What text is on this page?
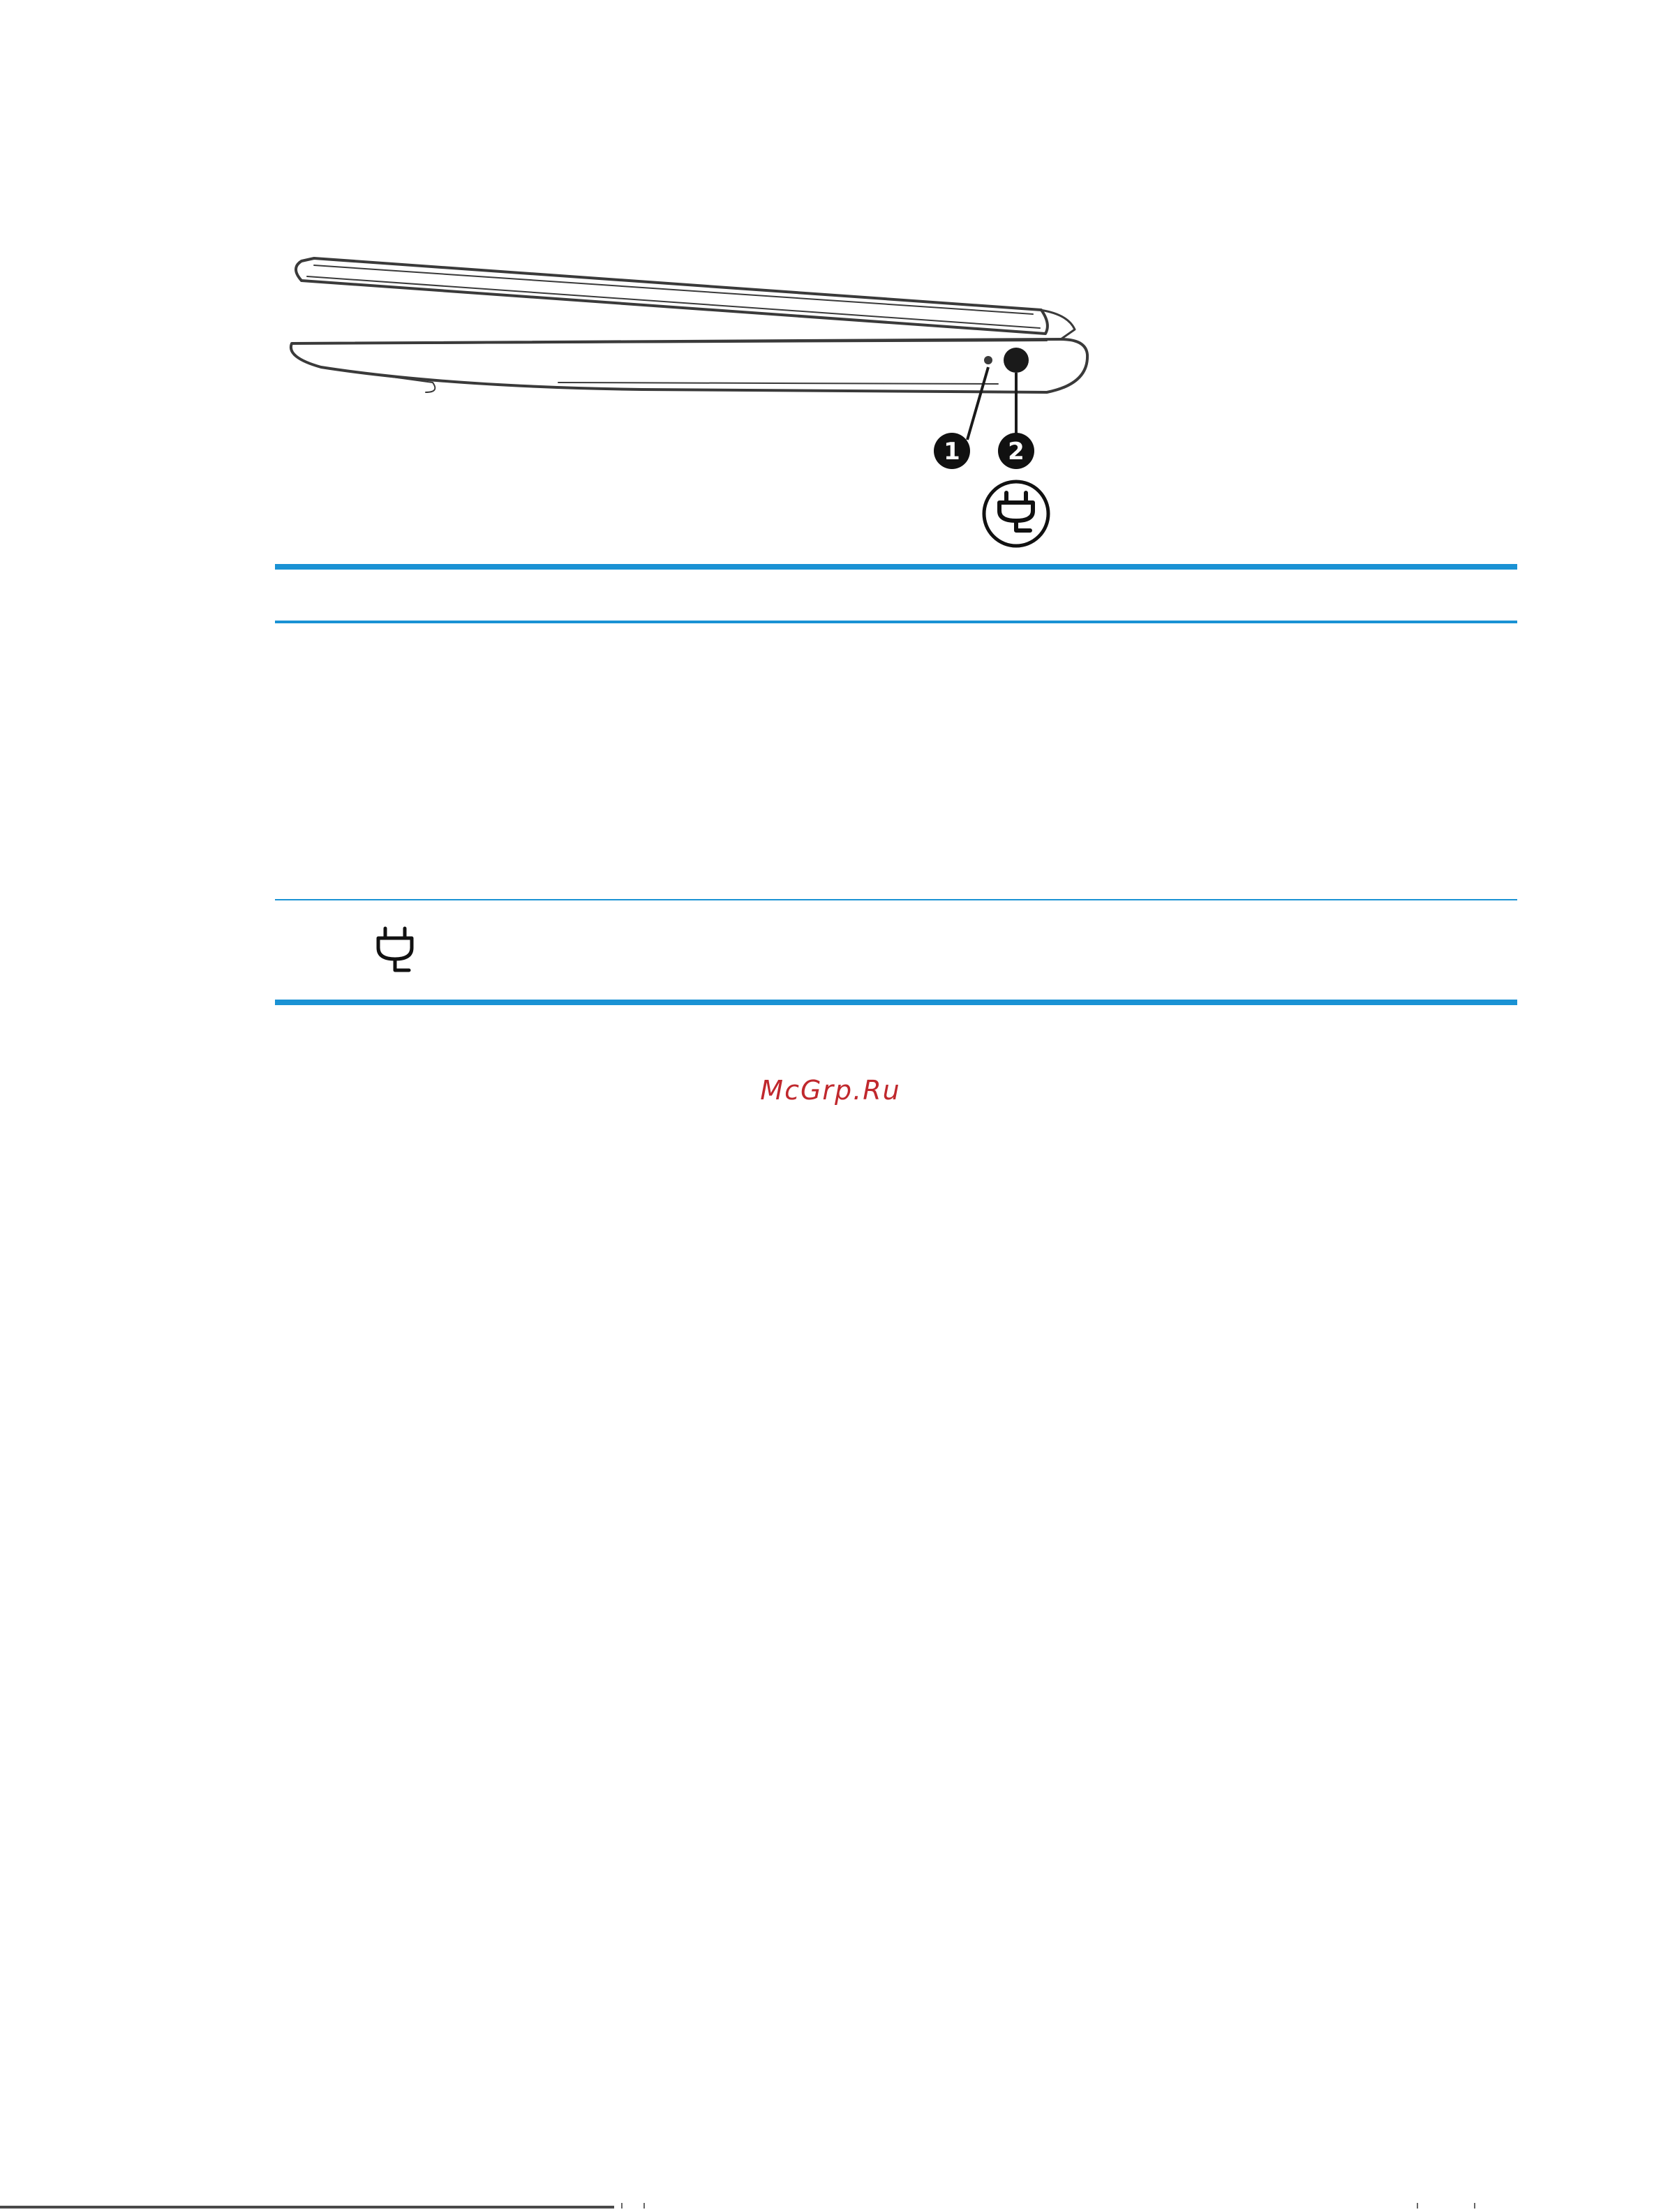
1 2
McGrp.Ru
